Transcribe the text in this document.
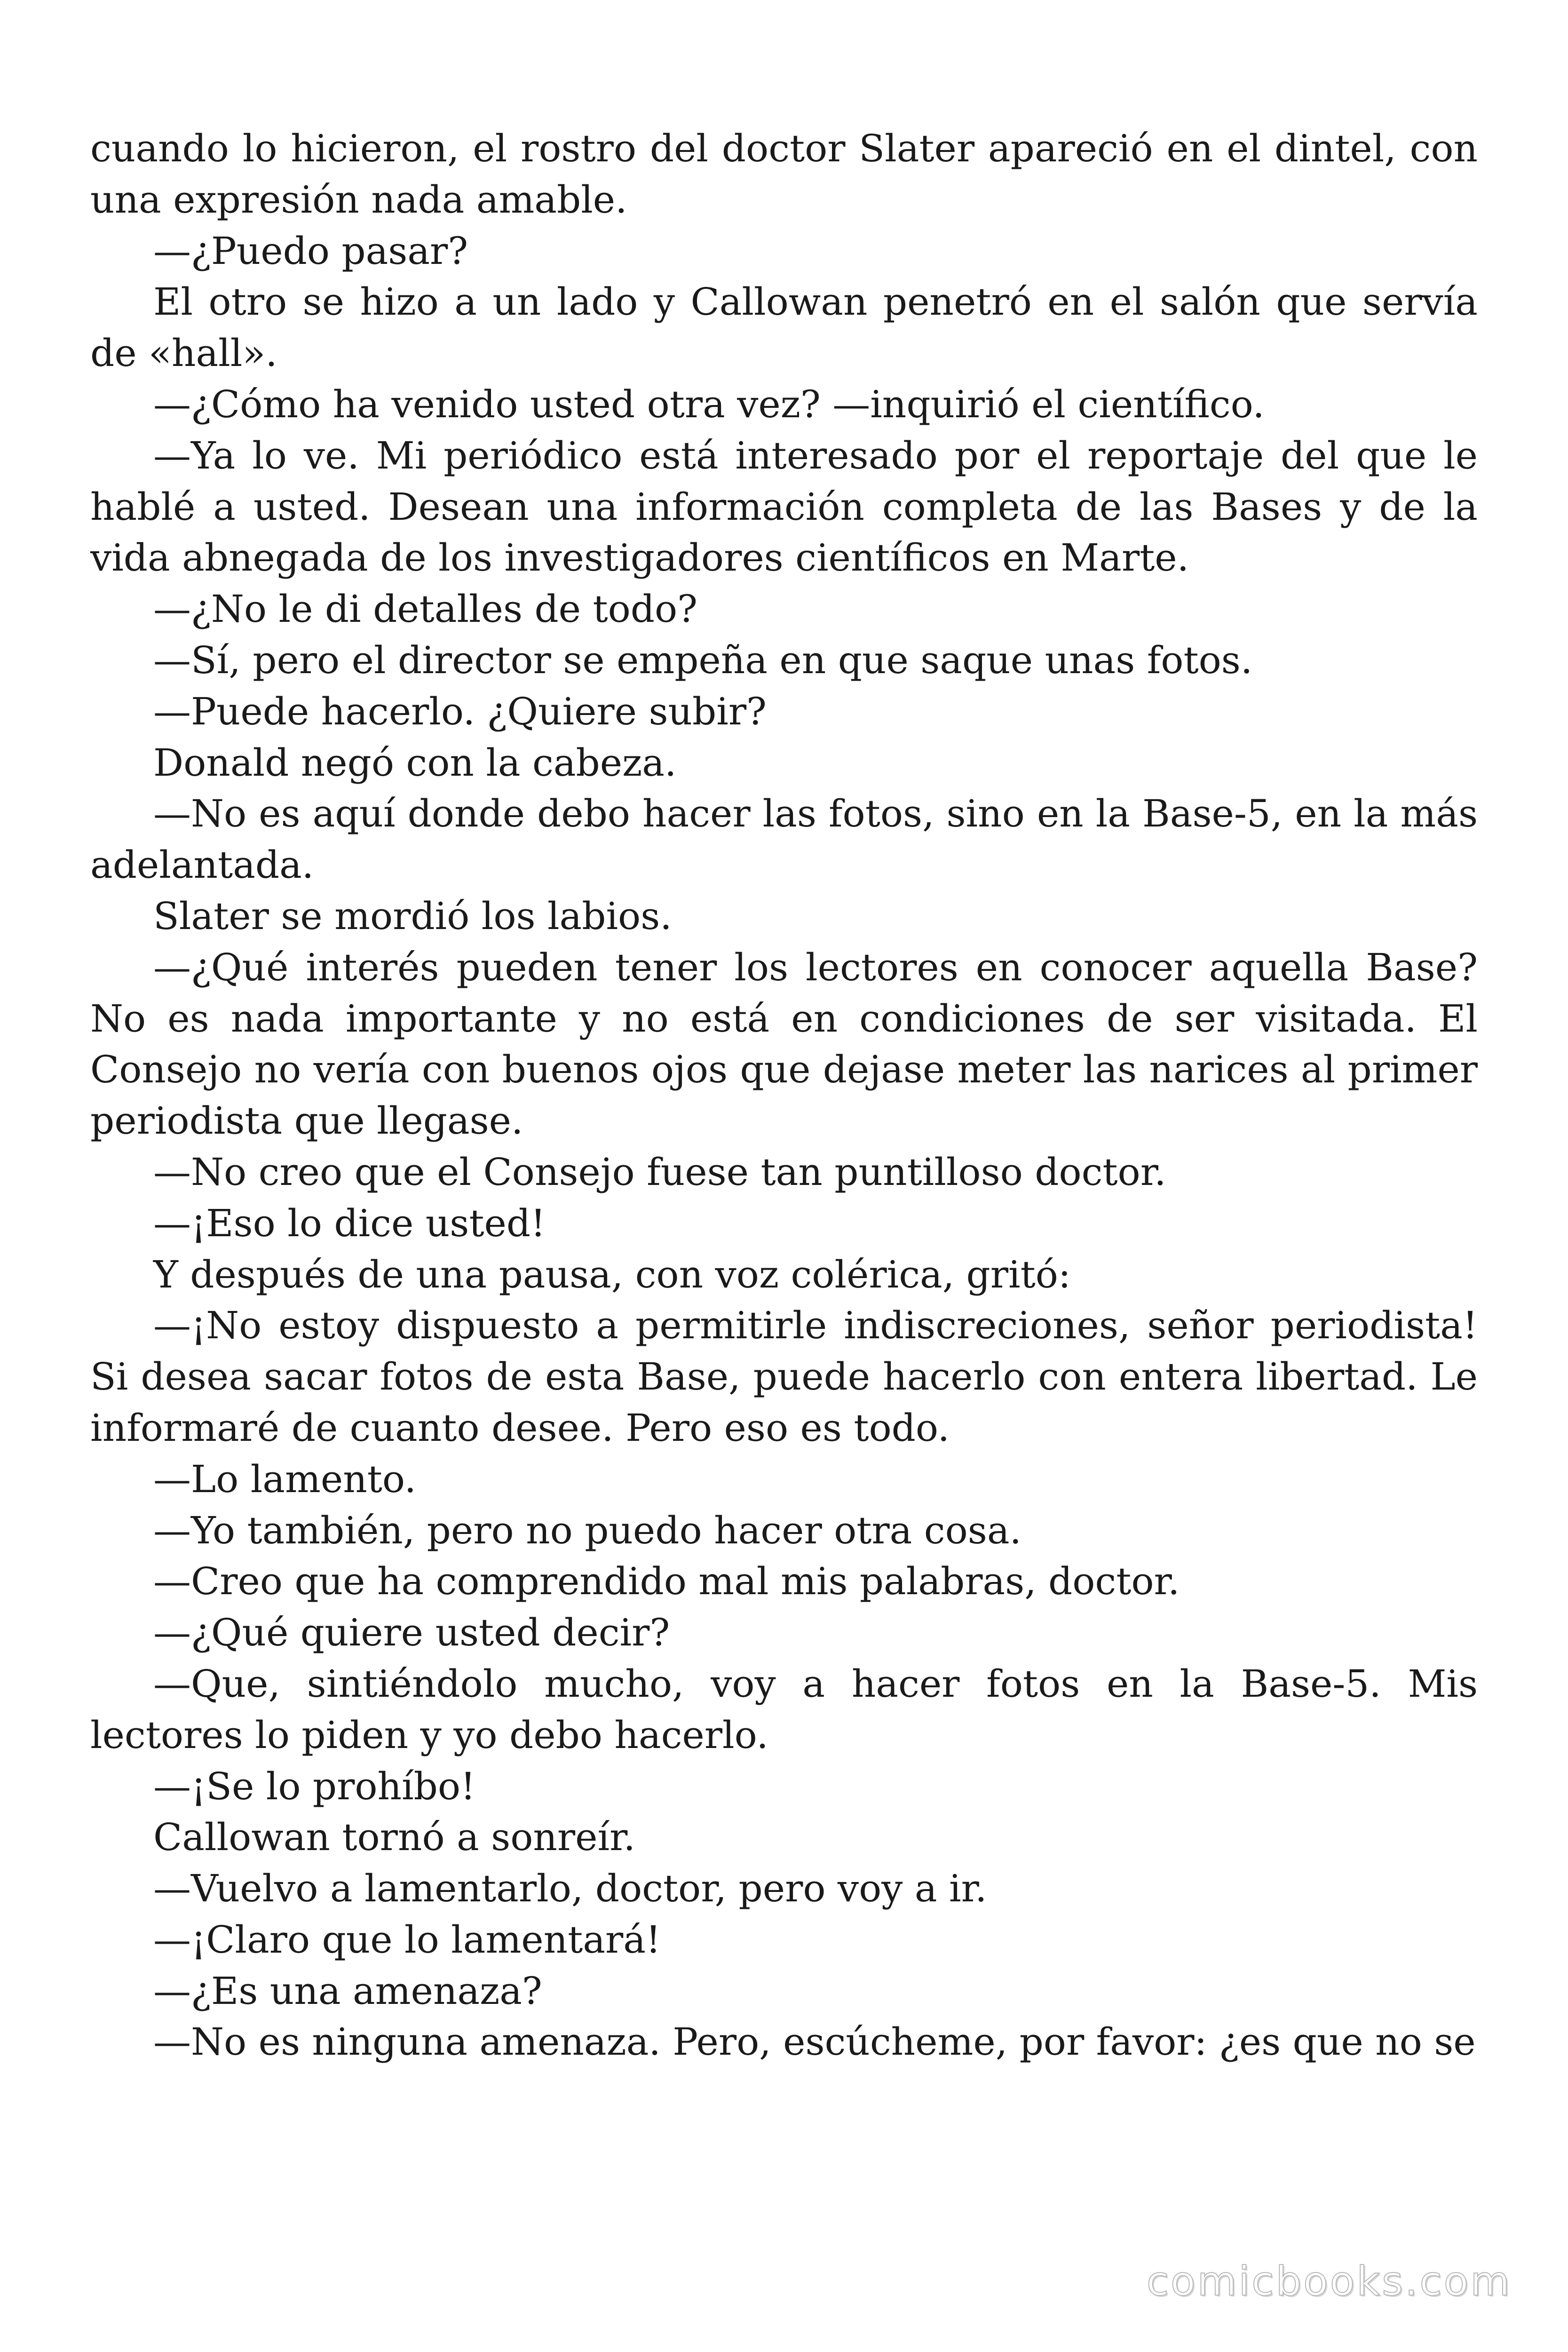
cuando lo hicieron, el rostro del doctor Slater apareció en el dintel, con una expresión nada amable.

—¿Puedo pasar?

El otro se hizo a un lado y Callowan penetró en el salón que servía de «hall».

—¿Cómo ha venido usted otra vez? —inquirió el científico.

—Ya lo ve. Mi periódico está interesado por el reportaje del que le hablé a usted. Desean una información completa de las Bases y de la vida abnegada de los investigadores científicos en Marte.

—¿No le di detalles de todo?

—Sí, pero el director se empeña en que saque unas fotos.

—Puede hacerlo. ¿Quiere subir?

Donald negó con la cabeza.

—No es aquí donde debo hacer las fotos, sino en la Base-5, en la más adelantada.

Slater se mordió los labios.

—¿Qué interés pueden tener los lectores en conocer aquella Base? No es nada importante y no está en condiciones de ser visitada. El Consejo no vería con buenos ojos que dejase meter las narices al primer periodista que llegase.

—No creo que el Consejo fuese tan puntilloso doctor.

—¡Eso lo dice usted!

Y después de una pausa, con voz colérica, gritó:

—¡No estoy dispuesto a permitirle indiscreciones, señor periodista! Si desea sacar fotos de esta Base, puede hacerlo con entera libertad. Le informaré de cuanto desee. Pero eso es todo.

—Lo lamento.

—Yo también, pero no puedo hacer otra cosa.

—Creo que ha comprendido mal mis palabras, doctor.

—¿Qué quiere usted decir?

—Que, sintiéndolo mucho, voy a hacer fotos en la Base-5. Mis lectores lo piden y yo debo hacerlo.

—¡Se lo prohíbo!

Callowan tornó a sonreír.

—Vuelvo a lamentarlo, doctor, pero voy a ir.

—¡Claro que lo lamentará!

—¿Es una amenaza?

—No es ninguna amenaza. Pero, escúcheme, por favor: ¿es que no se

comicbooks.com
